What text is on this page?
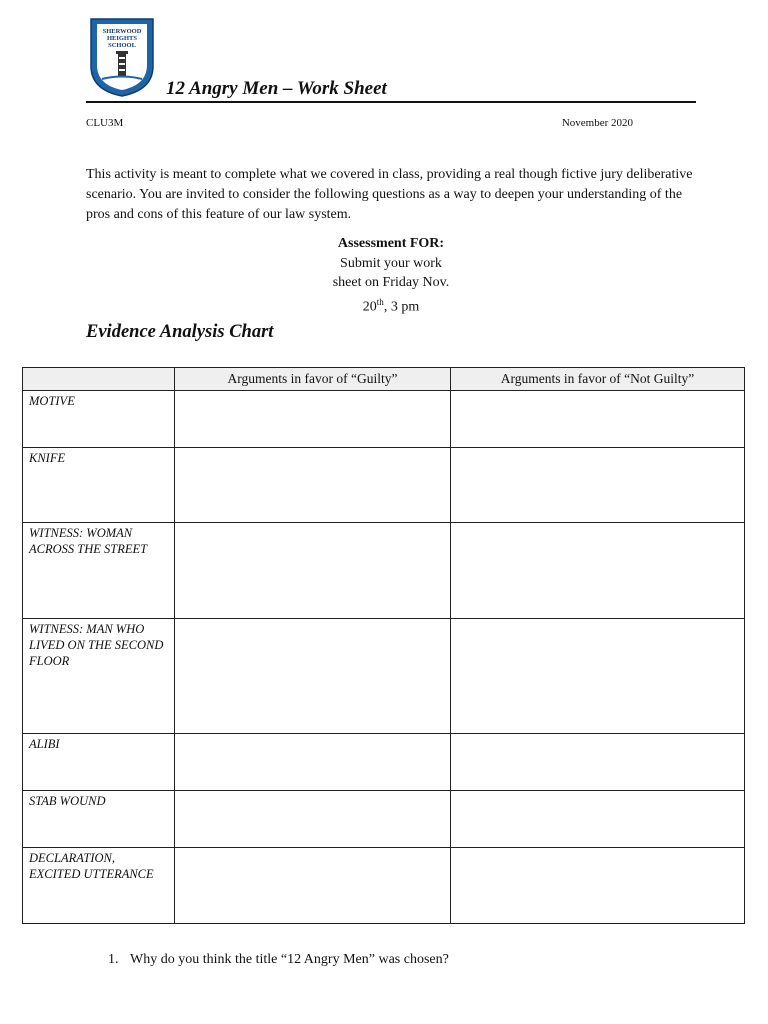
SHERWOOD
HEIGHTS
SCHOOL
12 Angry Men – Work Sheet
CLU3M	November 2020
This activity is meant to complete what we covered in class, providing a real though fictive jury deliberative scenario. You are invited to consider the following questions as a way to deepen your understanding of the pros and cons of this feature of our law system.
Assessment FOR:
Submit your work
sheet on Friday Nov.
20th, 3 pm
Evidence Analysis Chart
	Arguments in favor of “Guilty”	Arguments in favor of “Not Guilty”
MOTIVE		
KNIFE		
WITNESS: WOMAN ACROSS THE STREET		
WITNESS: MAN WHO LIVED ON THE SECOND FLOOR		
ALIBI		
STAB WOUND		
DECLARATION, EXCITED UTTERANCE		
1. Why do you think the title “12 Angry Men” was chosen?
